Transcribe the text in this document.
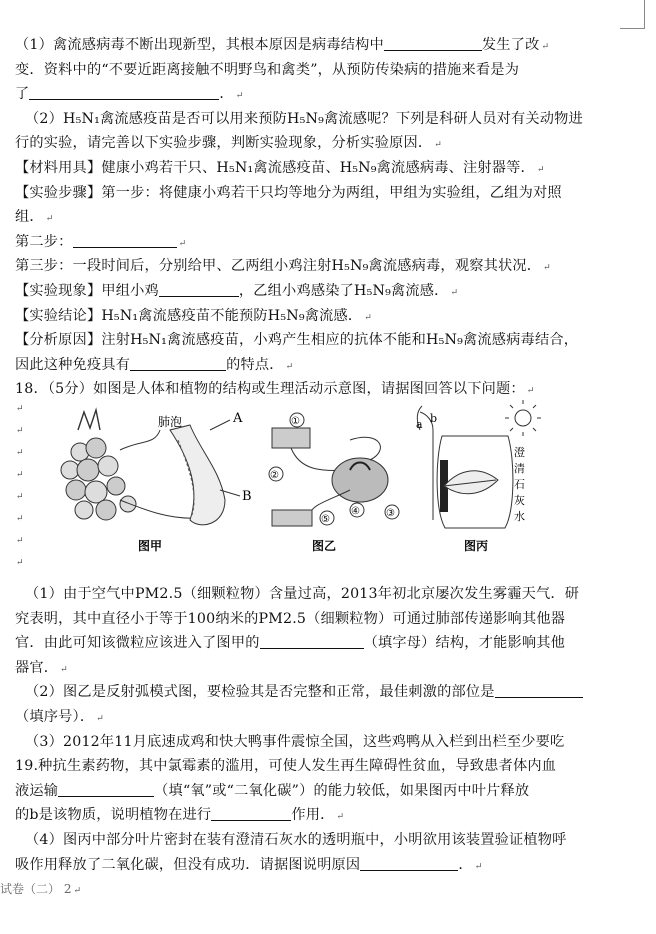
（1）禽流感病毒不断出现新型，其根本原因是病毒结构中	发生了改 ↵
变．资料中的“不要近距离接触不明野鸟和禽类”，从预防传染病的措施来看是为
了	． ↵
（2）H₅N₁禽流感疫苗是否可以用来预防H₅N₉禽流感呢？下列是科研人员对有关动物进
行的实验，请完善以下实验步骤，判断实验现象，分析实验原因． ↵
【材料用具】健康小鸡若干只、H₅N₁禽流感疫苗、H₅N₉禽流感病毒、注射器等． ↵
【实验步骤】第一步：将健康小鸡若干只均等地分为两组，甲组为实验组，乙组为对照
组． ↵
第二步：	↵
第三步：一段时间后，分别给甲、乙两组小鸡注射H₅N₉禽流感病毒，观察其状况． ↵
【实验现象】甲组小鸡	，乙组小鸡感染了H₅N₉禽流感． ↵
【实验结论】H₅N₁禽流感疫苗不能预防H₅N₉禽流感． ↵
【分析原因】注射H₅N₁禽流感疫苗，小鸡产生相应的抗体不能和H₅N₉禽流感病毒结合，
因此这种免疫具有	的特点． ↵
18．（5分）如图是人体和植物的结构或生理活动示意图，请据图回答以下问题： ↵
↵
↵
↵
↵
↵
↵
↵
↵
肺泡	A
B
图甲
①
②
③
④
⑤
图乙
a b
澄
清
石
灰
水
图丙
（1）由于空气中PM2.5（细颗粒物）含量过高，2013年初北京屡次发生雾霾天气．研
究表明，其中直径小于等于100纳米的PM2.5（细颗粒物）可通过肺部传递影响其他器
官．由此可知该微粒应该进入了图甲的	（填字母）结构，才能影响其他
器官． ↵
（2）图乙是反射弧模式图，要检验其是否完整和正常，最佳刺激的部位是
（填序号）． ↵
（3）2012年11月底速成鸡和快大鸭事件震惊全国，这些鸡鸭从入栏到出栏至少要吃
19.种抗生素药物，其中氯霉素的滥用，可使人发生再生障碍性贫血，导致患者体内血
液运输	（填“氧”或“二氧化碳”）的能力较低，如果图丙中叶片释放
的b是该物质，说明植物在进行	作用． ↵
（4）图丙中部分叶片密封在装有澄清石灰水的透明瓶中，小明欲用该装置验证植物呼
吸作用释放了二氧化碳，但没有成功．请据图说明原因	． ↵
试卷（二） 2 ↵
